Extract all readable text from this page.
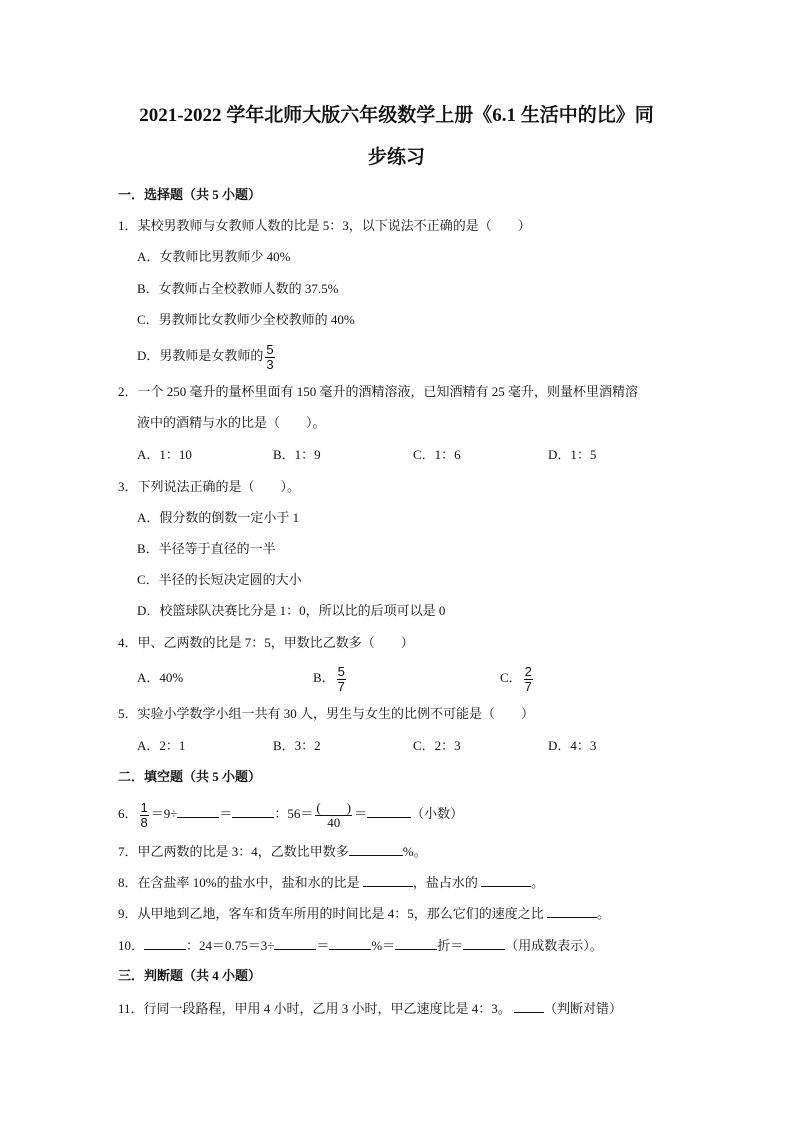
2021-2022 学年北师大版六年级数学上册《6.1 生活中的比》同
步练习
一．选择题（共 5 小题）
1．某校男教师与女教师人数的比是 5：3，以下说法不正确的是（　　）
A．女教师比男教师少 40%
B．女教师占全校教师人数的 37.5%
C．男教师比女教师少全校教师的 40%
D．男教师是女教师的 $\frac{5}{3}$
2．一个 250 毫升的量杯里面有 150 毫升的酒精溶液，已知酒精有 25 毫升，则量杯里酒精溶
液中的酒精与水的比是（　　）。
A．1：10	B．1：9	C．1：6	D．1：5
3．下列说法正确的是（　　）。
A．假分数的倒数一定小于 1
B．半径等于直径的一半
C．半径的长短决定圆的大小
D．校篮球队决赛比分是 1：0，所以比的后项可以是 0
4．甲、乙两数的比是 7：5，甲数比乙数多（　　）
A．40%	B． $\frac{5}{7}$	C． $\frac{2}{7}$
5．实验小学数学小组一共有 30 人，男生与女生的比例不可能是（　　）
A．2：1	B．3：2	C．2：3	D．4：3
二．填空题（共 5 小题）
6． $\frac{1}{8} =9\div$	＝	：$56= \frac{( )}{40}$ ＝	（小数）
7．甲乙两数的比是 3：4，乙数比甲数多	%。
8．在含盐率 10%的盐水中，盐和水的比是	，盐占水的	。
9．从甲地到乙地，客车和货车所用的时间比是 4：5，那么它们的速度之比	。
10．	：24＝0.75＝3÷	＝	%＝	折＝	（用成数表示）。
三．判断题（共 4 小题）
11．行同一段路程，甲用 4 小时，乙用 3 小时，甲乙速度比是 4：3。 （判断对错）
